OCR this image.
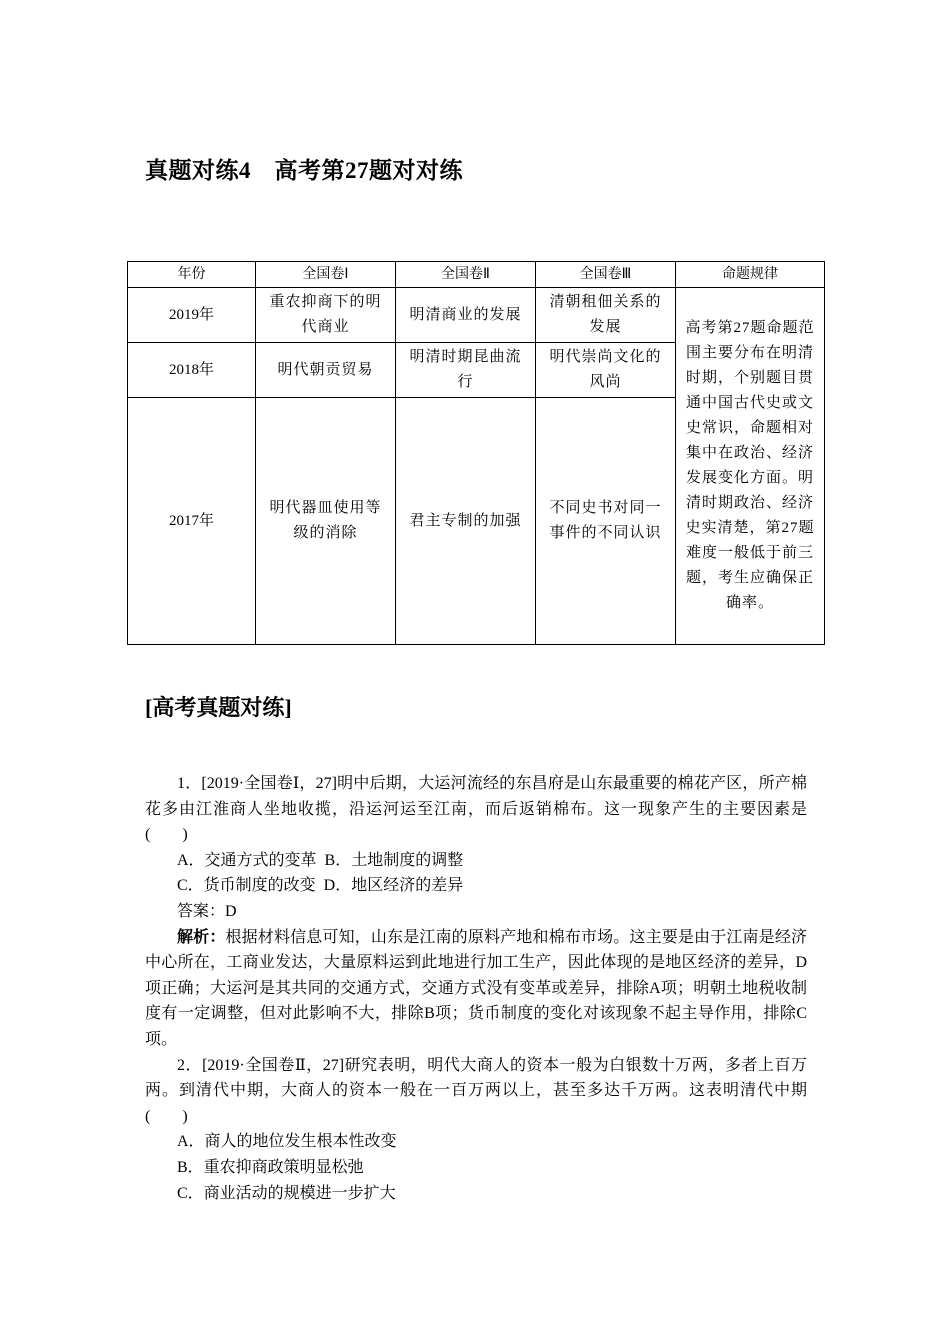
真题对练4　高考第27题对对练
年份	全国卷Ⅰ	全国卷Ⅱ	全国卷Ⅲ	命题规律
2019年	重农抑商下的明代商业	明清商业的发展	清朝租佃关系的发展	高考第27题命题范围主要分布在明清时期，个别题目贯通中国古代史或文史常识，命题相对集中在政治、经济发展变化方面。明清时期政治、经济史实清楚，第27题难度一般低于前三题，考生应确保正确率。
2018年	明代朝贡贸易	明清时期昆曲流行	明代崇尚文化的风尚	
2017年	明代器皿使用等级的消除	君主专制的加强	不同史书对同一事件的不同认识	
[高考真题对练]

1．[2019·全国卷Ⅰ，27]明中后期，大运河流经的东昌府是山东最重要的棉花产区，所产棉花多由江淮商人坐地收揽，沿运河运至江南，而后返销棉布。这一现象产生的主要因素是(　　)

A．交通方式的变革  B．土地制度的调整

C．货币制度的改变  D．地区经济的差异

答案：D

解析：根据材料信息可知，山东是江南的原料产地和棉布市场。这主要是由于江南是经济中心所在，工商业发达，大量原料运到此地进行加工生产，因此体现的是地区经济的差异，D项正确；大运河是其共同的交通方式，交通方式没有变革或差异，排除A项；明朝土地税收制度有一定调整，但对此影响不大，排除B项；货币制度的变化对该现象不起主导作用，排除C项。

2．[2019·全国卷Ⅱ，27]研究表明，明代大商人的资本一般为白银数十万两，多者上百万两。到清代中期，大商人的资本一般在一百万两以上，甚至多达千万两。这表明清代中期(　　)

A．商人的地位发生根本性改变

B．重农抑商政策明显松弛

C．商业活动的规模进一步扩大
